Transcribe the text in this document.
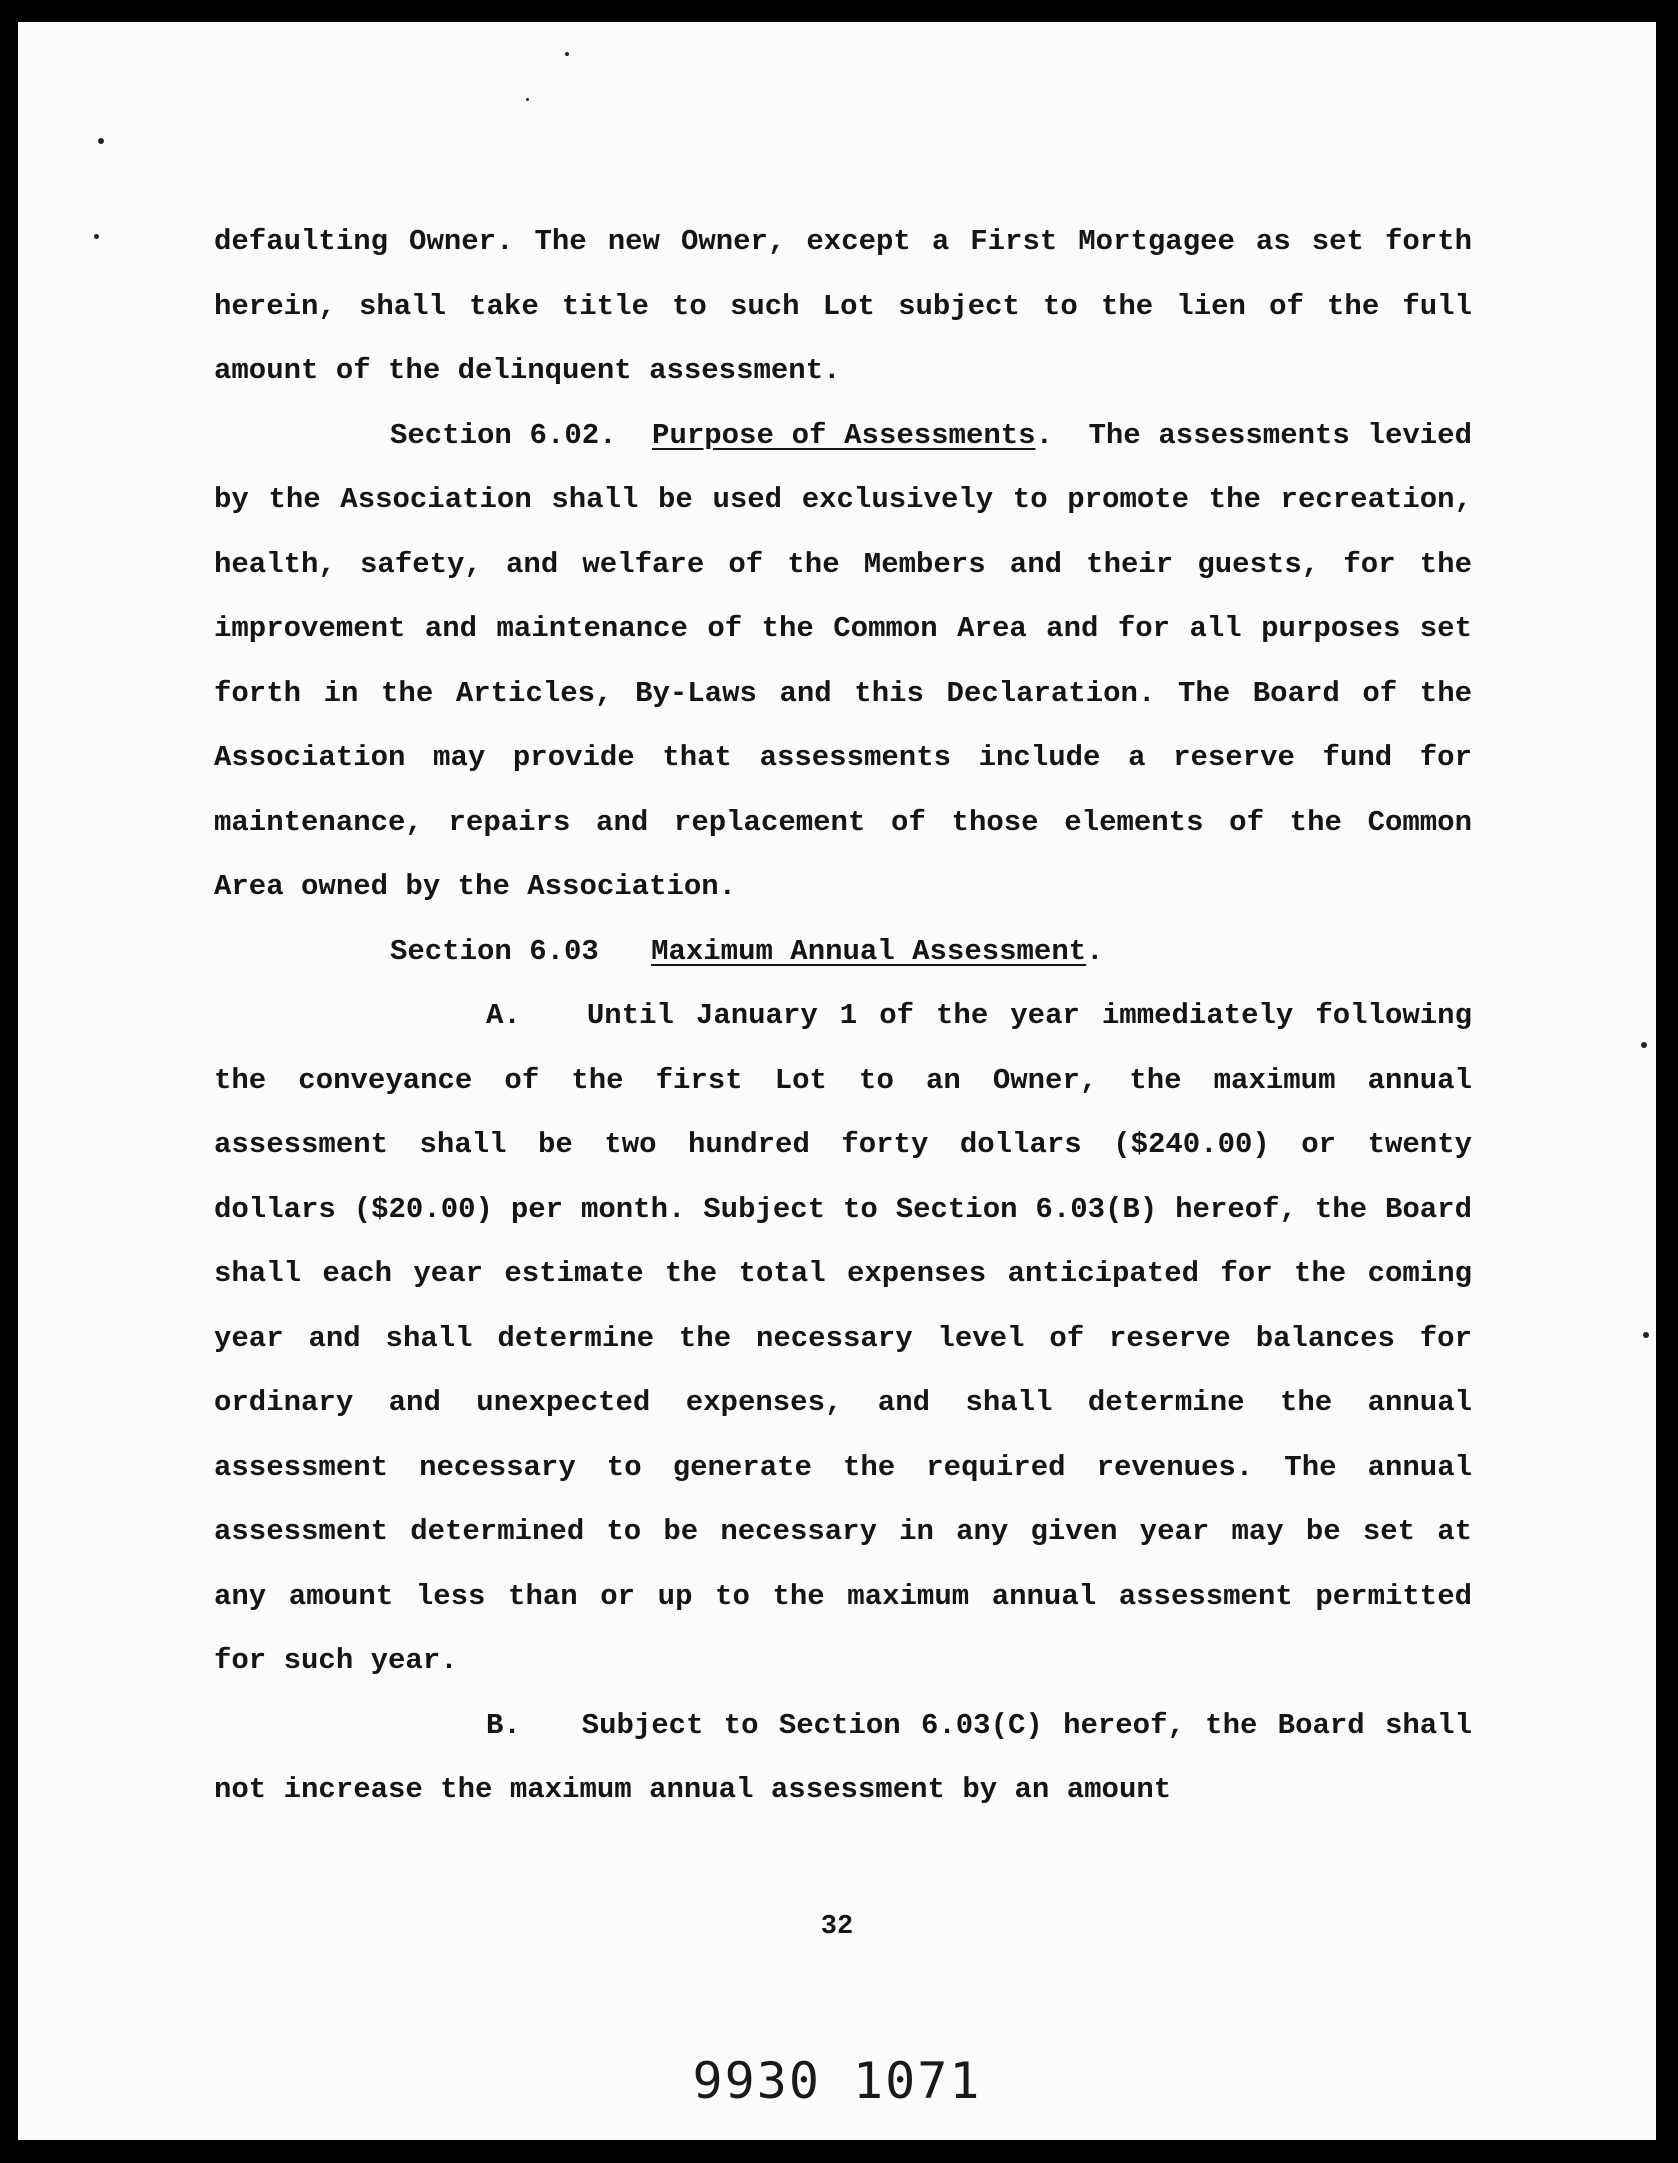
defaulting Owner. The new Owner, except a First Mortgagee as set forth herein, shall take title to such Lot subject to the lien of the full amount of the delinquent assessment.

Section 6.02. Purpose of Assessments.  The assessments levied by the Association shall be used exclusively to promote the recreation, health, safety, and welfare of the Members and their guests, for the improvement and maintenance of the Common Area and for all purposes set forth in the Articles, By-Laws and this Declaration. The Board of the Association may provide that assessments include a reserve fund for maintenance, repairs and replacement of those elements of the Common Area owned by the Association.

Section 6.03 Maximum Annual Assessment.

A. Until January 1 of the year immediately following the conveyance of the first Lot to an Owner, the maximum annual assessment shall be two hundred forty dollars ($240.00) or twenty dollars ($20.00) per month. Subject to Section 6.03(B) hereof, the Board shall each year estimate the total expenses anticipated for the coming year and shall determine the necessary level of reserve balances for ordinary and unexpected expenses, and shall determine the annual assessment necessary to generate the required revenues. The annual assessment determined to be necessary in any given year may be set at any amount less than or up to the maximum annual assessment permitted for such year.

B. Subject to Section 6.03(C) hereof, the Board shall not increase the maximum annual assessment by an amount

32
9930 1071
